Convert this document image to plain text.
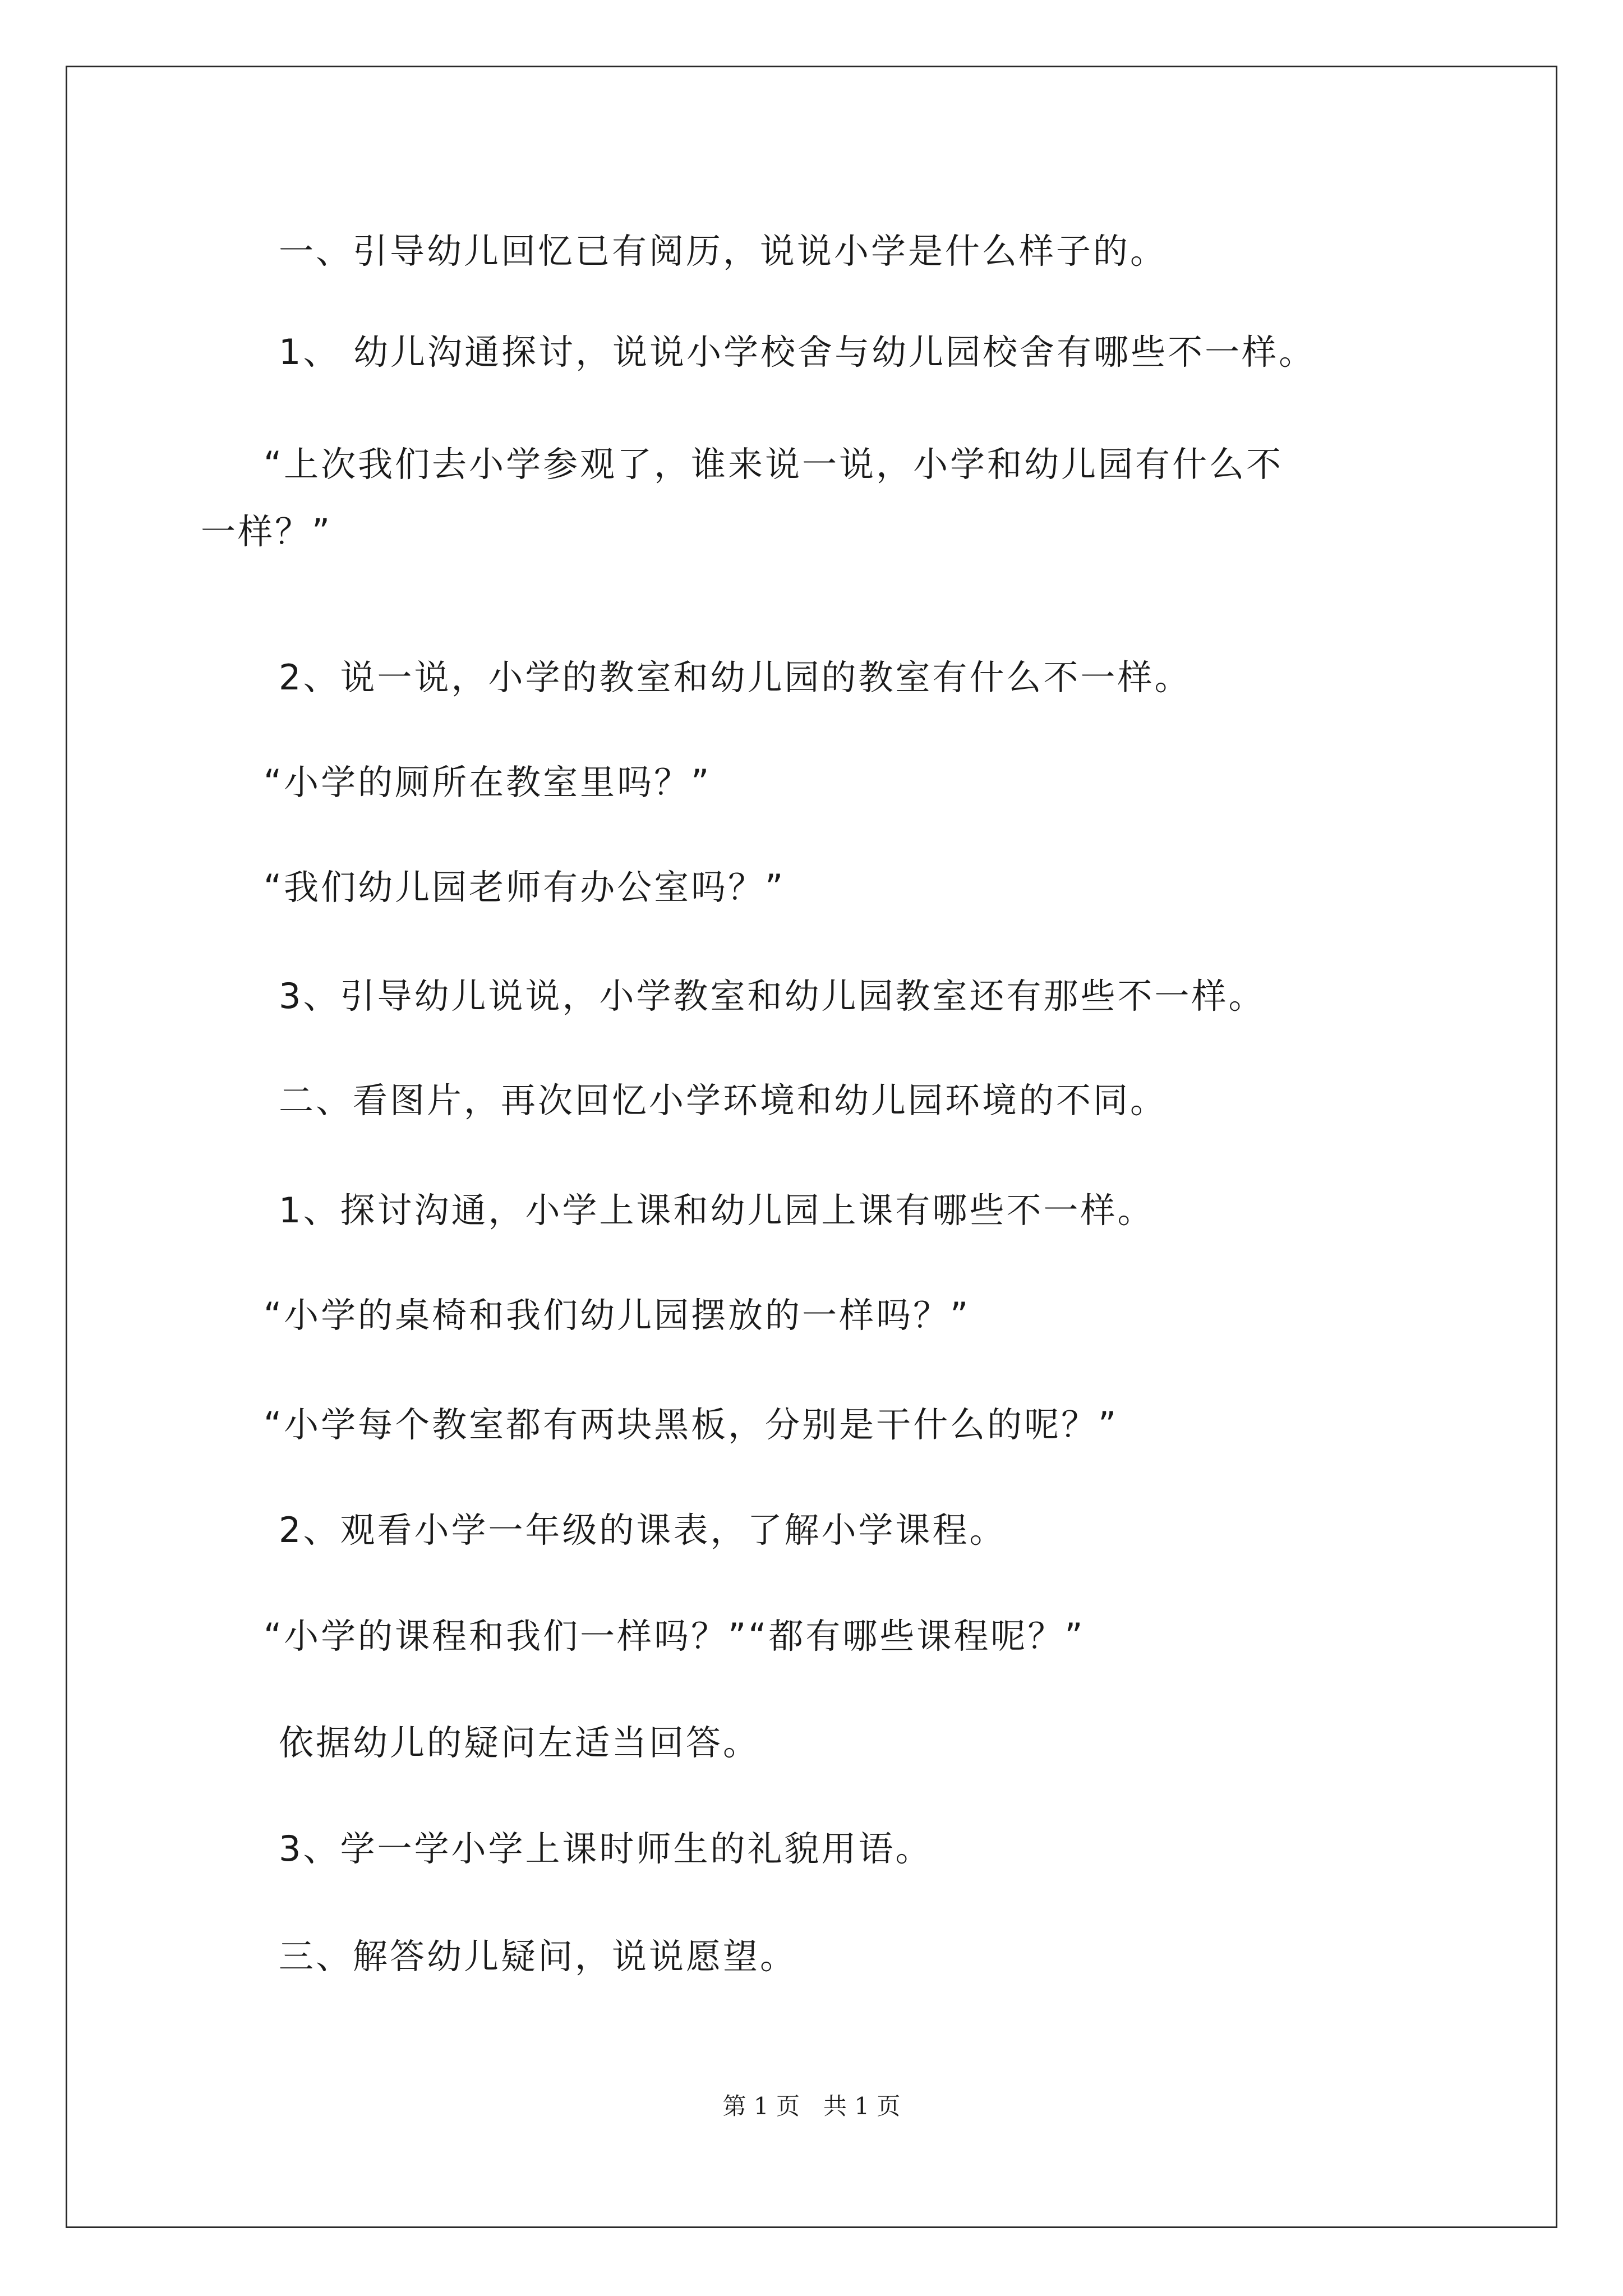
一、引导幼儿回忆已有阅历，说说小学是什么样子的。
1、 幼儿沟通探讨，说说小学校舍与幼儿园校舍有哪些不一样。
“上次我们去小学参观了，谁来说一说，小学和幼儿园有什么不
一样？”
2、说一说，小学的教室和幼儿园的教室有什么不一样。
“小学的厕所在教室里吗？”
“我们幼儿园老师有办公室吗？”
3、引导幼儿说说，小学教室和幼儿园教室还有那些不一样。
二、看图片，再次回忆小学环境和幼儿园环境的不同。
1、探讨沟通，小学上课和幼儿园上课有哪些不一样。
“小学的桌椅和我们幼儿园摆放的一样吗？”
“小学每个教室都有两块黑板，分别是干什么的呢？”
2、观看小学一年级的课表，了解小学课程。
“小学的课程和我们一样吗？”“都有哪些课程呢？”
依据幼儿的疑问左适当回答。
3、学一学小学上课时师生的礼貌用语。
三、解答幼儿疑问，说说愿望。
第 1 页　共 1 页
